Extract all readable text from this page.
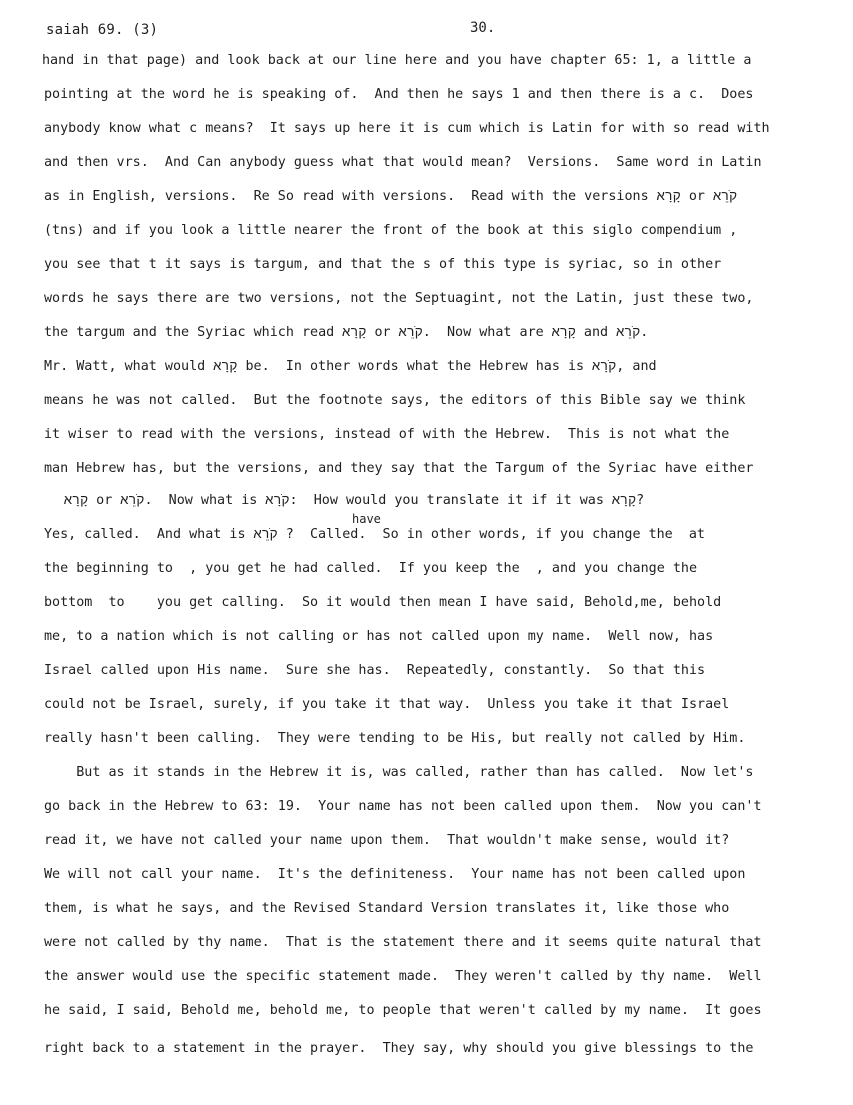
saiah 69. (3)	30.
hand in that page) and look back at our line here and you have chapter 65: 1, a little a
pointing at the word he is speaking of.  And then he says 1 and then there is a c.  Does
anybody know what c means?  It says up here it is cum which is Latin for with so read with
and then vrs.  And Can anybody guess what that would mean?  Versions.  Same word in Latin
as in English, versions.  Re So read with versions.  Read with the versions קָרָא or קֹרֵא
(tns) and if you look a little nearer the front of the book at this siglo compendium ,
you see that t it says is targum, and that the s of this type is syriac, so in other
words he says there are two versions, not the Septuagint, not the Latin, just these two,
the targum and the Syriac which read קָרָא or קֹרֵא.  Now what are קָרָא and קֹרֵא.
Mr. Watt, what would קָרָא be.  In other words what the Hebrew has is קֹרָא, and
means he was not called.  But the footnote says, the editors of this Bible say we think
it wiser to read with the versions, instead of with the Hebrew.  This is not what the
man Hebrew has, but the versions, and they say that the Targum of the Syriac have either
קָרָא or קֹרֵא.  Now what is קֹרָא:  How would you translate it if it was קָרָא?
have
Yes, called.  And what is קֹרֵא ?  Called.  So in other words, if you change the  at
the beginning to  , you get he had called.  If you keep the  , and you change the
bottom  to    you get calling.  So it would then mean I have said, Behold,me, behold
me, to a nation which is not calling or has not called upon my name.  Well now, has
Israel called upon His name.  Sure she has.  Repeatedly, constantly.  So that this
could not be Israel, surely, if you take it that way.  Unless you take it that Israel
really hasn't been calling.  They were tending to be His, but really not called by Him.
But as it stands in the Hebrew it is, was called, rather than has called.  Now let's
go back in the Hebrew to 63: 19.  Your name has not been called upon them.  Now you can't
read it, we have not called your name upon them.  That wouldn't make sense, would it?
We will not call your name.  It's the definiteness.  Your name has not been called upon
them, is what he says, and the Revised Standard Version translates it, like those who
were not called by thy name.  That is the statement there and it seems quite natural that
the answer would use the specific statement made.  They weren't called by thy name.  Well
he said, I said, Behold me, behold me, to people that weren't called by my name.  It goes
right back to a statement in the prayer.  They say, why should you give blessings to the
